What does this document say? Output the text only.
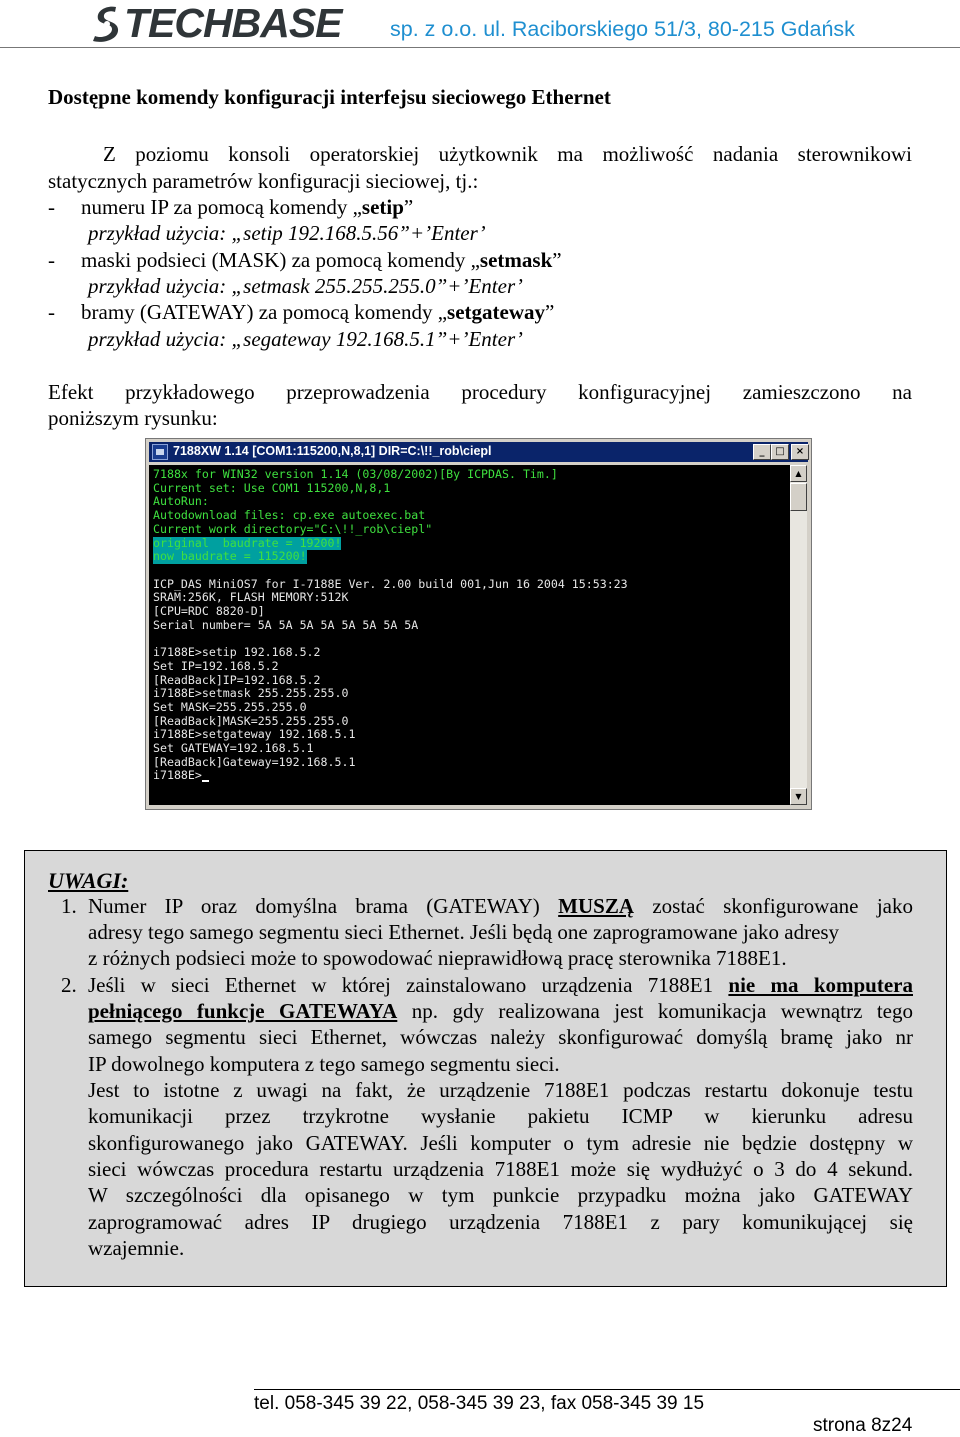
TECHBASE sp. z o.o. ul. Raciborskiego 51/3, 80-215 Gdańsk
Dostępne komendy konfiguracji interfejsu sieciowego Ethernet
Z poziomu konsoli operatorskiej użytkownik ma możliwość nadania sterownikowi
statycznych parametrów konfiguracji sieciowej, tj.:
- numeru IP za pomocą komendy „setip”
przykład użycia: „setip 192.168.5.56”+’Enter’
- maski podsieci (MASK) za pomocą komendy „setmask”
przykład użycia: „setmask 255.255.255.0”+’Enter’
- bramy (GATEWAY) za pomocą komendy „setgateway”
przykład użycia: „segateway 192.168.5.1”+’Enter’
Efekt przykładowego przeprowadzenia procedury konfiguracyjnej zamieszczono na
poniższym rysunku:
7188XW 1.14 [COM1:115200,N,8,1] DIR=C:\!!_rob\ciepl	_	□	×
7188x for WIN32 version 1.14 (03/08/2002)[By ICPDAS. Tim.]
Current set: Use COM1 115200,N,8,1
AutoRun:
Autodownload files: cp.exe autoexec.bat
Current work directory="C:\!!_rob\ciepl"
original  baudrate = 19200!
now baudrate = 115200!
ICP_DAS MiniOS7 for I-7188E Ver. 2.00 build 001,Jun 16 2004 15:53:23
SRAM:256K, FLASH MEMORY:512K
[CPU=RDC 8820-D]
Serial number= 5A 5A 5A 5A 5A 5A 5A 5A
i7188E>setip 192.168.5.2
Set IP=192.168.5.2
[ReadBack]IP=192.168.5.2
i7188E>setmask 255.255.255.0
Set MASK=255.255.255.0
[ReadBack]MASK=255.255.255.0
i7188E>setgateway 192.168.5.1
Set GATEWAY=192.168.5.1
[ReadBack]Gateway=192.168.5.1
i7188E>
▲
▼
UWAGI:
1. Numer IP oraz domyślna brama (GATEWAY) MUSZĄ zostać skonfigurowane jako
adresy tego samego segmentu sieci Ethernet. Jeśli będą one zaprogramowane jako adresy
z różnych podsieci może to spowodować nieprawidłową pracę sterownika 7188E1.
2. Jeśli w sieci Ethernet w której zainstalowano urządzenia 7188E1 nie ma komputera
pełniącego funkcje GATEWAYA np. gdy realizowana jest komunikacja wewnątrz tego
samego segmentu sieci Ethernet, wówczas należy skonfigurować domyślą bramę jako nr
IP dowolnego komputera z tego samego segmentu sieci.
Jest to istotne z uwagi na fakt, że urządzenie 7188E1 podczas restartu dokonuje testu
komunikacji przez trzykrotne wysłanie pakietu ICMP w kierunku adresu
skonfigurowanego jako GATEWAY. Jeśli komputer o tym adresie nie będzie dostępny w
sieci wówczas procedura restartu urządzenia 7188E1 może się wydłużyć o 3 do 4 sekund.
W szczególności dla opisanego w tym punkcie przypadku można jako GATEWAY
zaprogramować adres IP drugiego urządzenia 7188E1 z pary komunikującej się
wzajemnie.
tel. 058-345 39 22, 058-345 39 23, fax 058-345 39 15
strona 8z24
